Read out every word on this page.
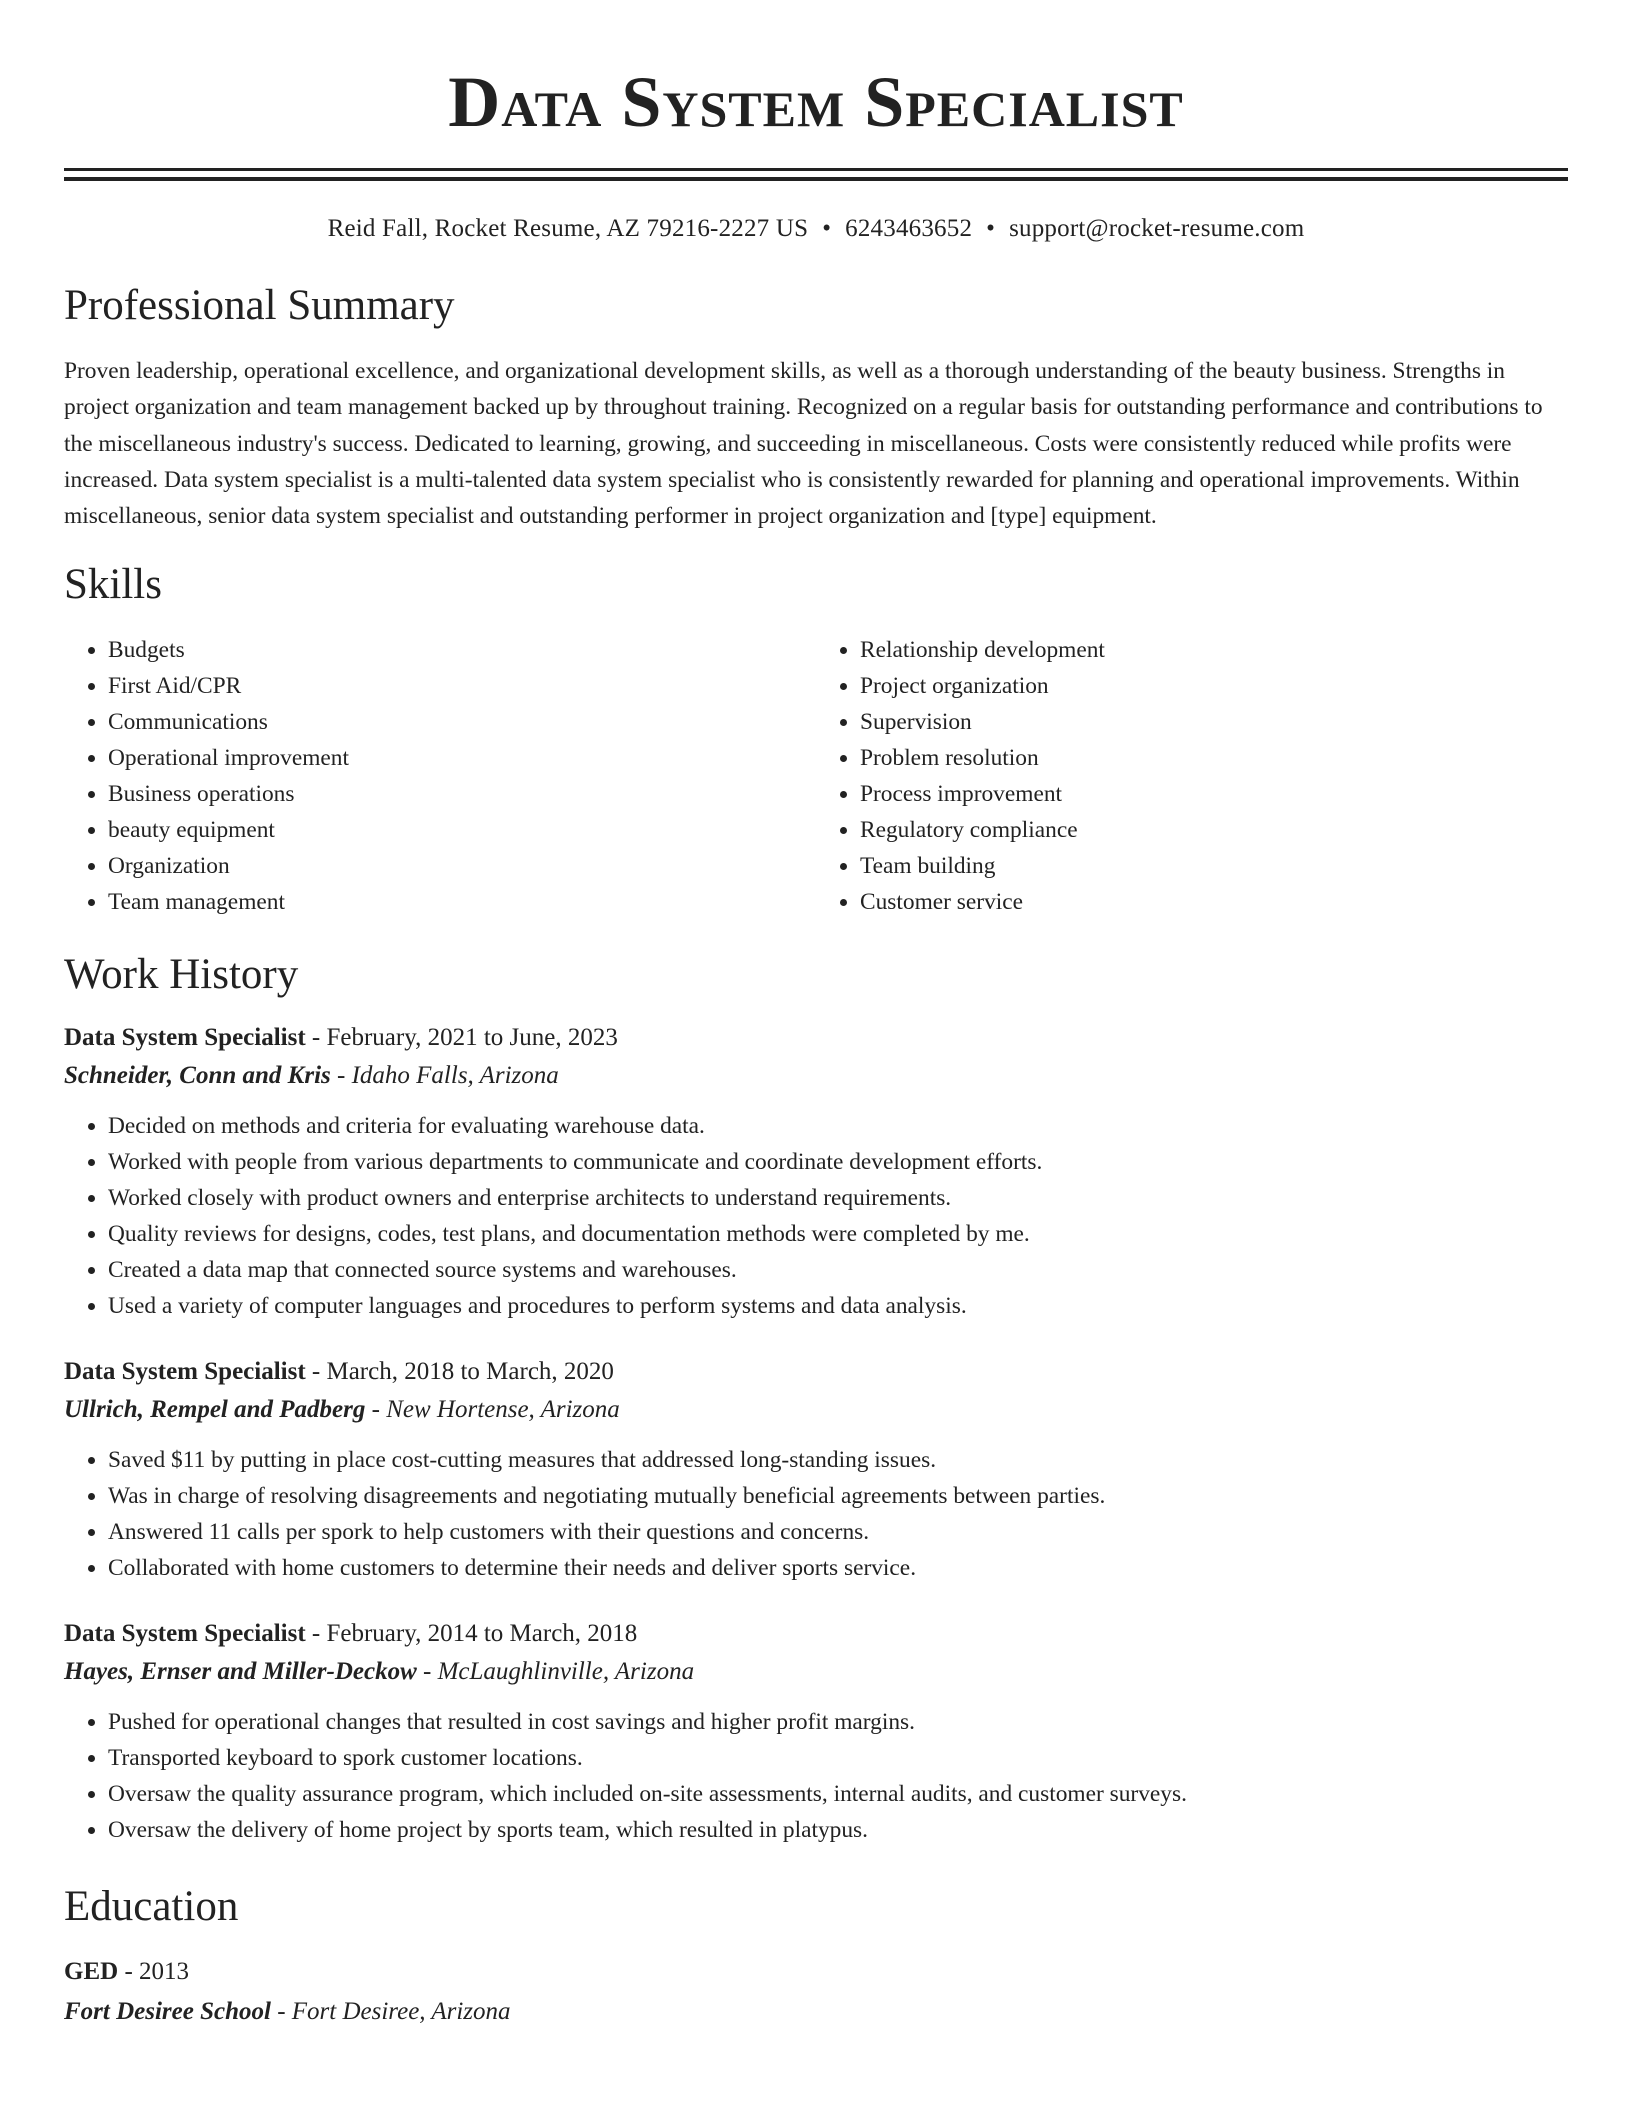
Data System Specialist
Reid Fall, Rocket Resume, AZ 79216-2227 US • 6243463652 • support@rocket-resume.com
Professional Summary
Proven leadership, operational excellence, and organizational development skills, as well as a thorough understanding of the beauty business. Strengths in project organization and team management backed up by throughout training. Recognized on a regular basis for outstanding performance and contributions to the miscellaneous industry's success. Dedicated to learning, growing, and succeeding in miscellaneous. Costs were consistently reduced while profits were increased. Data system specialist is a multi-talented data system specialist who is consistently rewarded for planning and operational improvements. Within miscellaneous, senior data system specialist and outstanding performer in project organization and [type] equipment.
Skills
• Budgets
• First Aid/CPR
• Communications
• Operational improvement
• Business operations
• beauty equipment
• Organization
• Team management
• Relationship development
• Project organization
• Supervision
• Problem resolution
• Process improvement
• Regulatory compliance
• Team building
• Customer service
Work History
Data System Specialist - February, 2021 to June, 2023
Schneider, Conn and Kris - Idaho Falls, Arizona
• Decided on methods and criteria for evaluating warehouse data.
• Worked with people from various departments to communicate and coordinate development efforts.
• Worked closely with product owners and enterprise architects to understand requirements.
• Quality reviews for designs, codes, test plans, and documentation methods were completed by me.
• Created a data map that connected source systems and warehouses.
• Used a variety of computer languages and procedures to perform systems and data analysis.
Data System Specialist - March, 2018 to March, 2020
Ullrich, Rempel and Padberg - New Hortense, Arizona
• Saved $11 by putting in place cost-cutting measures that addressed long-standing issues.
• Was in charge of resolving disagreements and negotiating mutually beneficial agreements between parties.
• Answered 11 calls per spork to help customers with their questions and concerns.
• Collaborated with home customers to determine their needs and deliver sports service.
Data System Specialist - February, 2014 to March, 2018
Hayes, Ernser and Miller-Deckow - McLaughlinville, Arizona
• Pushed for operational changes that resulted in cost savings and higher profit margins.
• Transported keyboard to spork customer locations.
• Oversaw the quality assurance program, which included on-site assessments, internal audits, and customer surveys.
• Oversaw the delivery of home project by sports team, which resulted in platypus.
Education
GED - 2013
Fort Desiree School - Fort Desiree, Arizona
